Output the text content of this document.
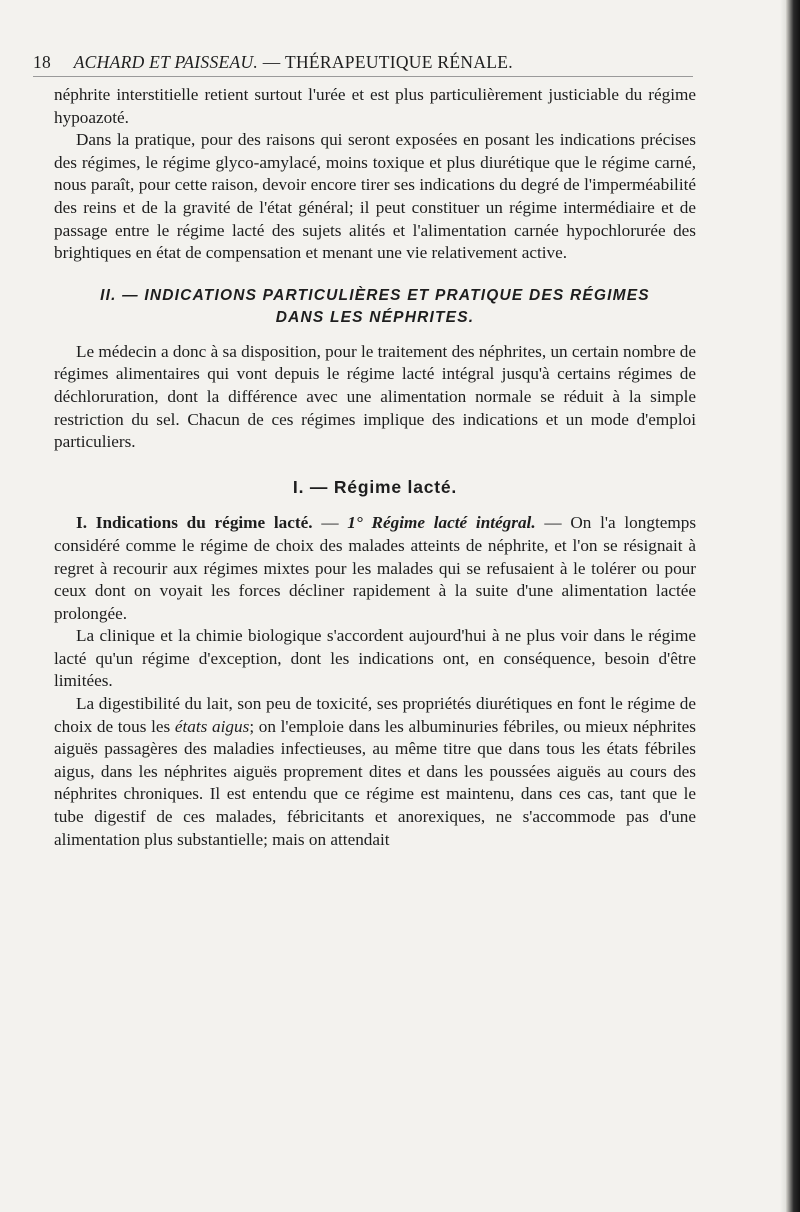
18 ACHARD ET PAISSEAU. — THÉRAPEUTIQUE RÉNALE.

néphrite interstitielle retient surtout l'urée et est plus particulièrement justiciable du régime hypoazoté.

Dans la pratique, pour des raisons qui seront exposées en posant les indications précises des régimes, le régime glyco-amylacé, moins toxique et plus diurétique que le régime carné, nous paraît, pour cette raison, devoir encore tirer ses indications du degré de l'imperméabilité des reins et de la gravité de l'état général; il peut constituer un régime intermédiaire et de passage entre le régime lacté des sujets alités et l'alimentation carnée hypochlorurée des brightiques en état de compensation et menant une vie relativement active.

II. — INDICATIONS PARTICULIÈRES ET PRATIQUE DES RÉGIMES
DANS LES NÉPHRITES.

Le médecin a donc à sa disposition, pour le traitement des néphrites, un certain nombre de régimes alimentaires qui vont depuis le régime lacté intégral jusqu'à certains régimes de déchloruration, dont la différence avec une alimentation normale se réduit à la simple restriction du sel. Chacun de ces régimes implique des indications et un mode d'emploi particuliers.

I. — Régime lacté.

I. Indications du régime lacté. — 1° Régime lacté intégral. — On l'a longtemps considéré comme le régime de choix des malades atteints de néphrite, et l'on se résignait à regret à recourir aux régimes mixtes pour les malades qui se refusaient à le tolérer ou pour ceux dont on voyait les forces décliner rapidement à la suite d'une alimentation lactée prolongée.

La clinique et la chimie biologique s'accordent aujourd'hui à ne plus voir dans le régime lacté qu'un régime d'exception, dont les indications ont, en conséquence, besoin d'être limitées.

La digestibilité du lait, son peu de toxicité, ses propriétés diurétiques en font le régime de choix de tous les états aigus; on l'emploie dans les albuminuries fébriles, ou mieux néphrites aiguës passagères des maladies infectieuses, au même titre que dans tous les états fébriles aigus, dans les néphrites aiguës proprement dites et dans les poussées aiguës au cours des néphrites chroniques. Il est entendu que ce régime est maintenu, dans ces cas, tant que le tube digestif de ces malades, fébricitants et anorexiques, ne s'accommode pas d'une alimentation plus substantielle; mais on attendait
